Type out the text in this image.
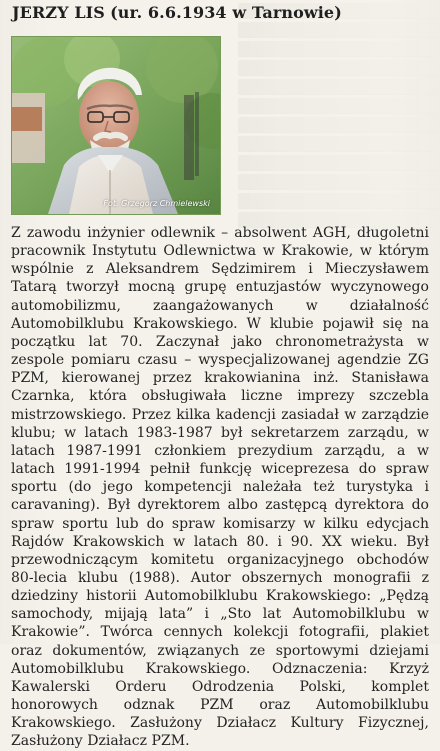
JERZY LIS (ur. 6.6.1934 w Tarnowie)
Fot. Grzegorz Chmielewski

Z zawodu inżynier odlewnik – absolwent AGH, długoletni pracownik Instytutu Odlewnictwa w Krakowie, w którym wspólnie z Aleksandrem Sędzimirem i Mieczysławem Tatarą tworzył mocną grupę entuzjastów wyczynowego automobilizmu, zaangażowanych w działalność Automobilklubu Krakowskiego. W klubie pojawił się na początku lat 70. Zaczynał jako chronometrażysta w zespole pomiaru czasu – wyspecjalizowanej agendzie ZG PZM, kierowanej przez krakowianina inż. Stanisława Czarnka, która obsługiwała liczne imprezy szczebla mistrzowskiego. Przez kilka kadencji zasiadał w zarządzie klubu; w latach 1983-1987 był sekretarzem zarządu, w latach 1987-1991 członkiem prezydium zarządu, a w latach 1991-1994 pełnił funkcję wiceprezesa do spraw sportu (do jego kompetencji należała też turystyka i caravaning). Był dyrektorem albo zastępcą dyrektora do spraw sportu lub do spraw komisarzy w kilku edycjach Rajdów Krakowskich w latach 80. i 90. XX wieku. Był przewodniczącym komitetu organizacyjnego obchodów 80-lecia klubu (1988). Autor obszernych monografii z dziedziny historii Automobilklubu Krakowskiego: „Pędzą samochody, mijają lata” i „Sto lat Automobilklubu w Krakowie”. Twórca cennych kolekcji fotografii, plakiet oraz dokumentów, związanych ze sportowymi dziejami Automobilklubu Krakowskiego. Odznaczenia: Krzyż Kawalerski Orderu Odrodzenia Polski, komplet honorowych odznak PZM oraz Automobilklubu Krakowskiego. Zasłużony Działacz Kultury Fizycznej, Zasłużony Działacz PZM.
